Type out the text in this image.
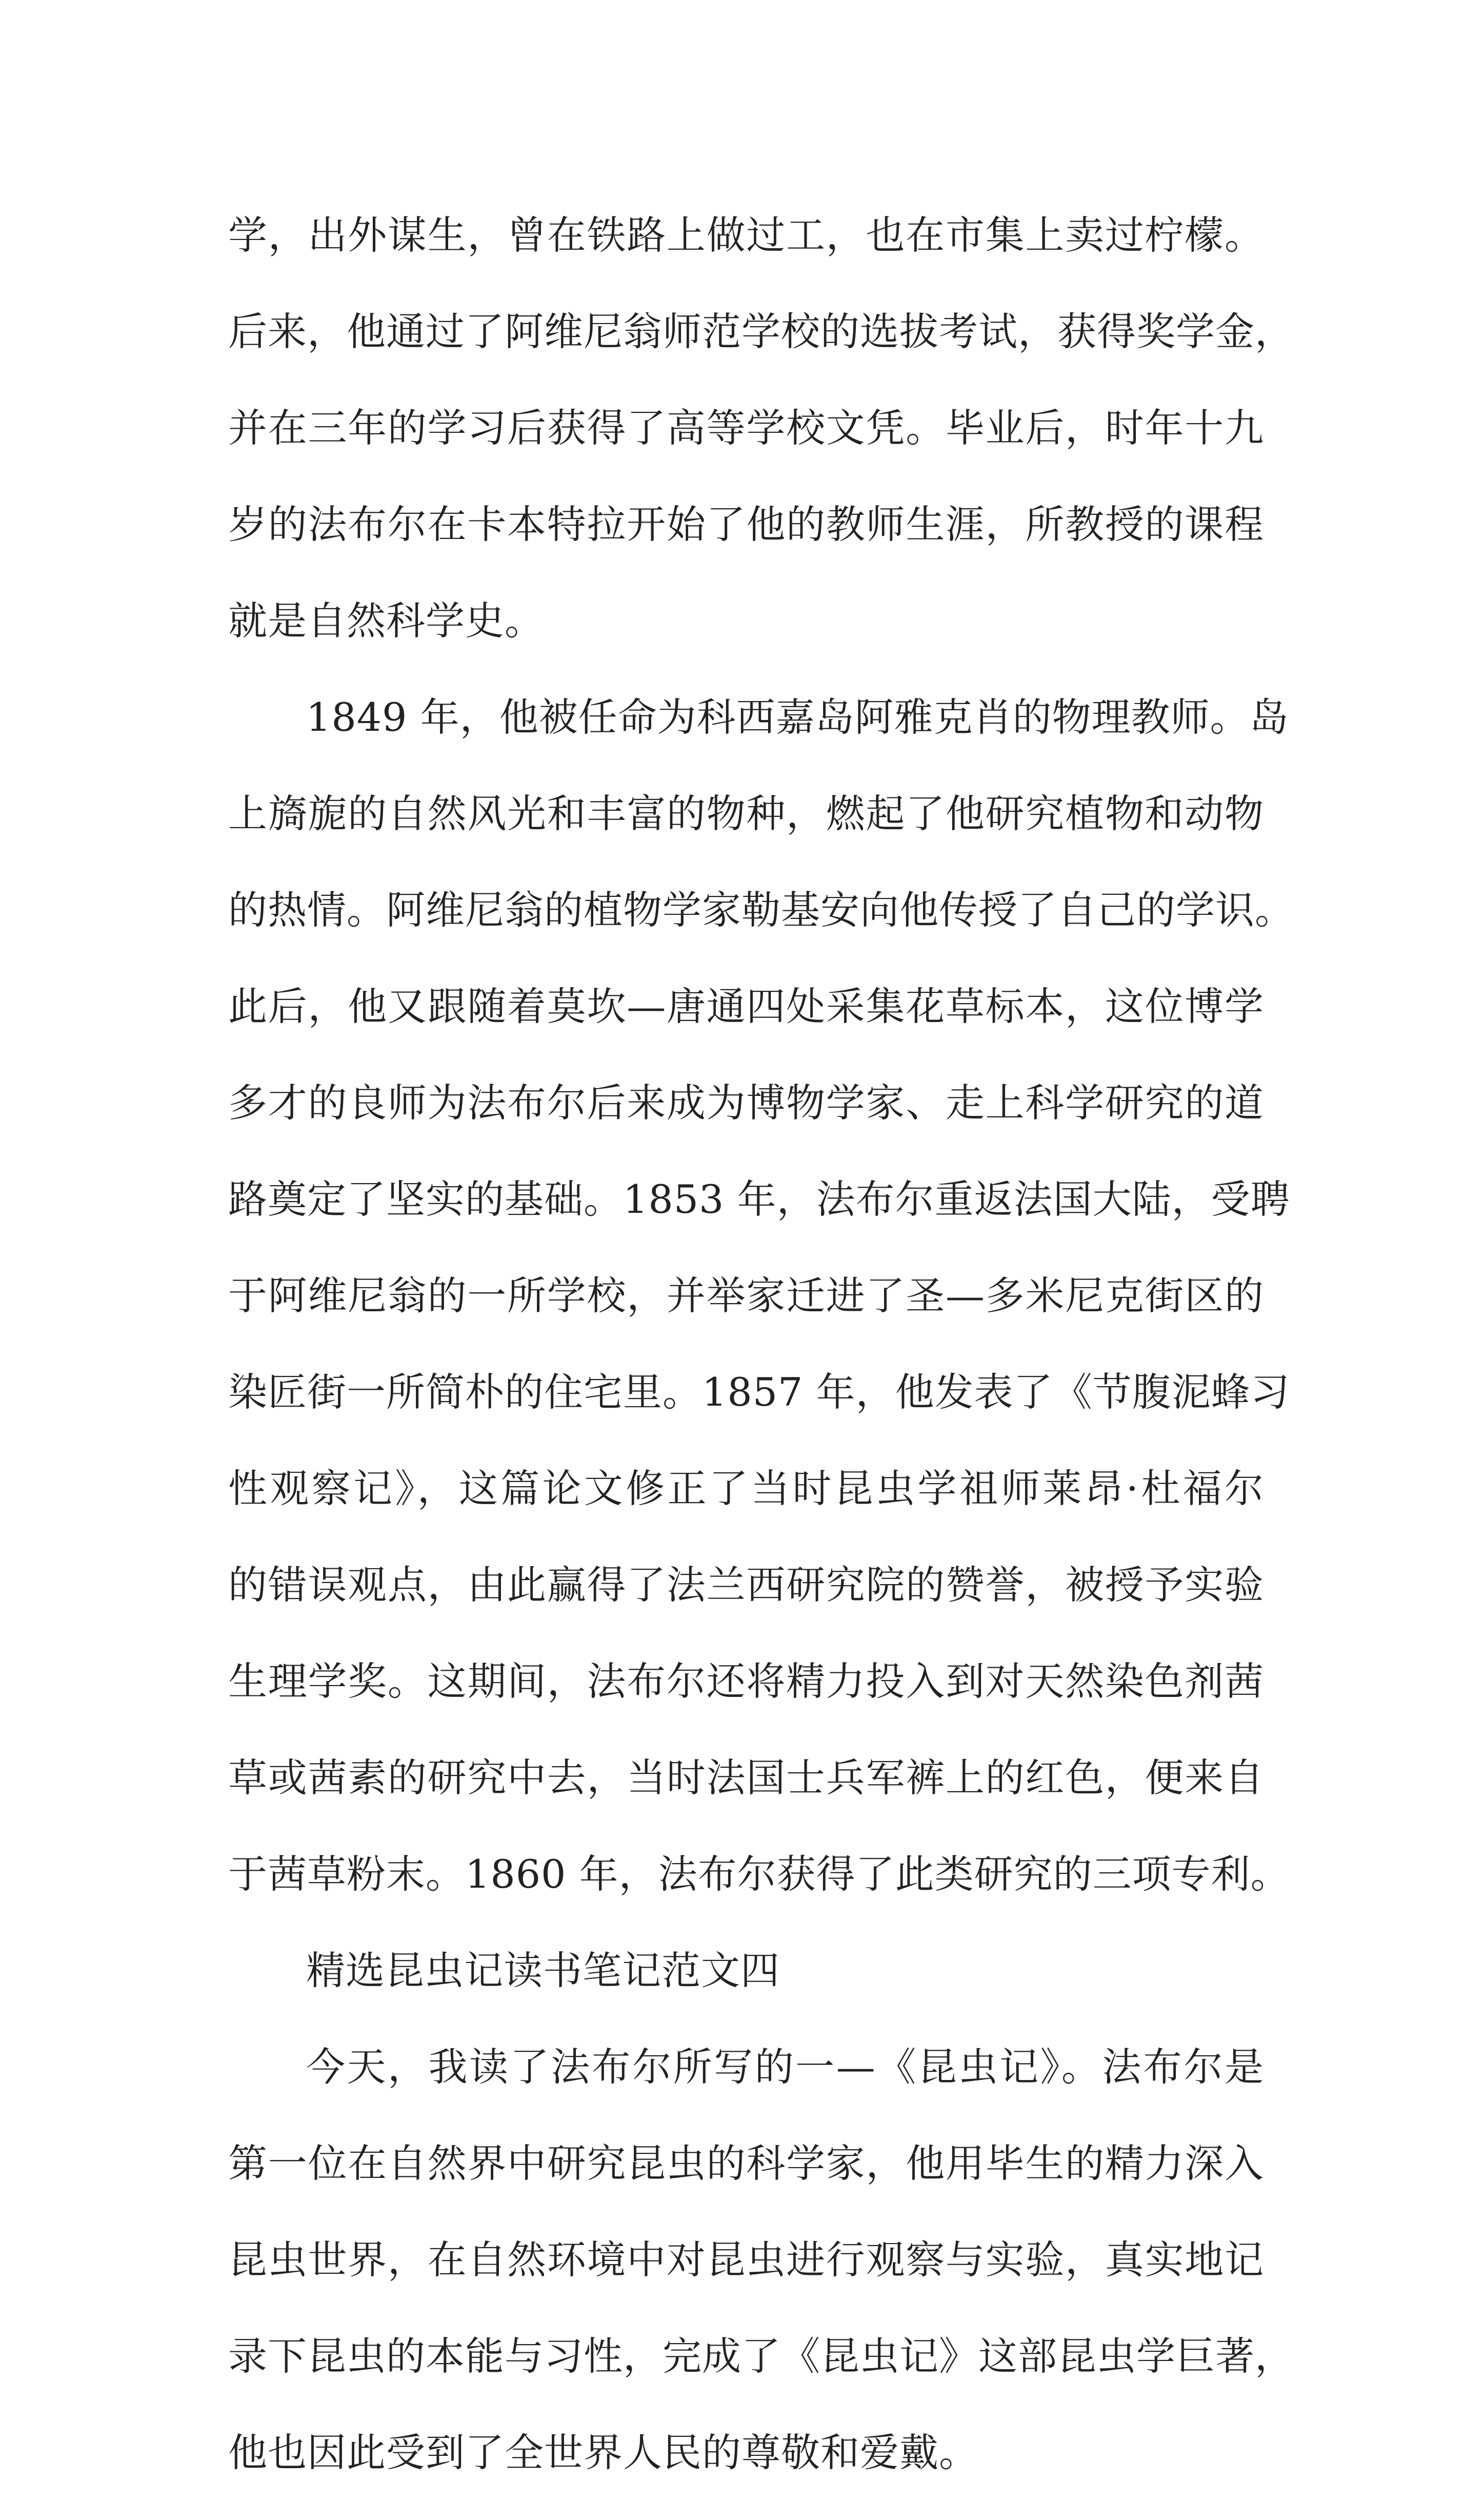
学，出外谋生，曾在铁路上做过工，也在市集上卖过柠檬。
后来，他通过了阿维尼翁师范学校的选拔考试，获得奖学金，
并在三年的学习后获得了高等学校文凭。毕业后，时年十九
岁的法布尔在卡本特拉开始了他的教师生涯，所教授的课程
就是自然科学史。
1849 年，他被任命为科西嘉岛阿雅克肖的物理教师。岛
上旖旎的自然风光和丰富的物种，燃起了他研究植物和动物
的热情。阿维尼翁的植物学家勒基安向他传授了自己的学识。
此后，他又跟随着莫坎—唐通四处采集花草标本，这位博学
多才的良师为法布尔后来成为博物学家、走上科学研究的道
路奠定了坚实的基础。1853 年，法布尔重返法国大陆，受聘
于阿维尼翁的一所学校，并举家迁进了圣—多米尼克街区的
染匠街一所简朴的住宅里。1857 年，他发表了《节腹泥蜂习
性观察记》，这篇论文修正了当时昆虫学祖师莱昂·杜福尔
的错误观点，由此赢得了法兰西研究院的赞誉，被授予实验
生理学奖。这期间，法布尔还将精力投入到对天然染色剂茜
草或茜素的研究中去，当时法国士兵军裤上的红色，便来自
于茜草粉末。1860 年，法布尔获得了此类研究的三项专利。
精选昆虫记读书笔记范文四
今天，我读了法布尔所写的一—《昆虫记》。法布尔是
第一位在自然界中研究昆虫的科学家，他用毕生的精力深入
昆虫世界，在自然环境中对昆虫进行观察与实验，真实地记
录下昆虫的本能与习性，完成了《昆虫记》这部昆虫学巨著，
他也因此受到了全世界人民的尊敬和爱戴。
